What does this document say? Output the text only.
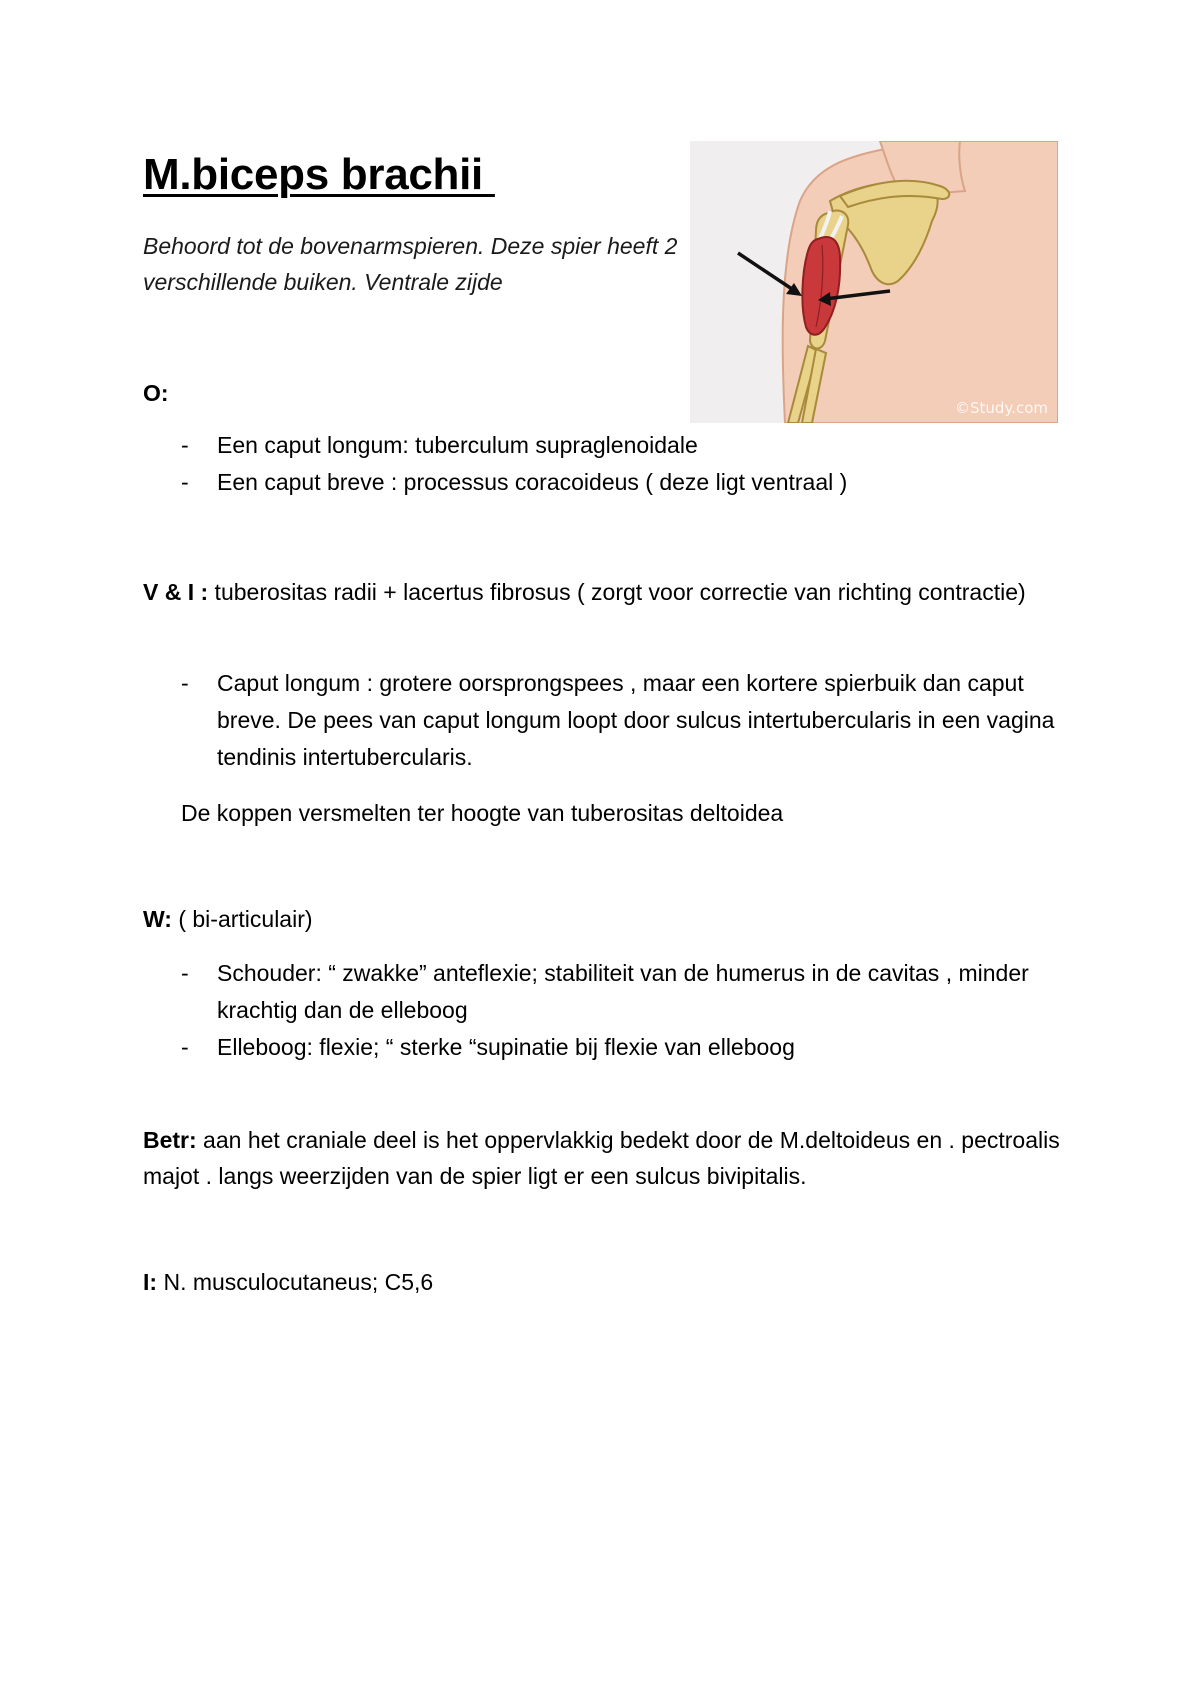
M.biceps brachii

Behoord tot de bovenarmspieren. Deze spier heeft 2 verschillende buiken. Ventrale zijde

©Study.com

O:

- Een caput longum: tuberculum supraglenoidale
- Een caput breve : processus coracoideus ( deze ligt ventraal )

V & I : tuberositas radii + lacertus fibrosus ( zorgt voor correctie van richting contractie)

- Caput longum : grotere oorsprongspees , maar een kortere spierbuik dan caput breve. De pees van caput longum loopt door sulcus intertubercularis in een vagina tendinis intertubercularis.

De koppen versmelten ter hoogte van tuberositas deltoidea

W: ( bi-articulair)

- Schouder: “ zwakke” anteflexie; stabiliteit van de humerus in de cavitas , minder krachtig dan de elleboog
- Elleboog: flexie; “ sterke “supinatie bij flexie van elleboog

Betr: aan het craniale deel is het oppervlakkig bedekt door de M.deltoideus en . pectroalis majot . langs weerzijden van de spier ligt er een sulcus bivipitalis.

I: N. musculocutaneus; C5,6
